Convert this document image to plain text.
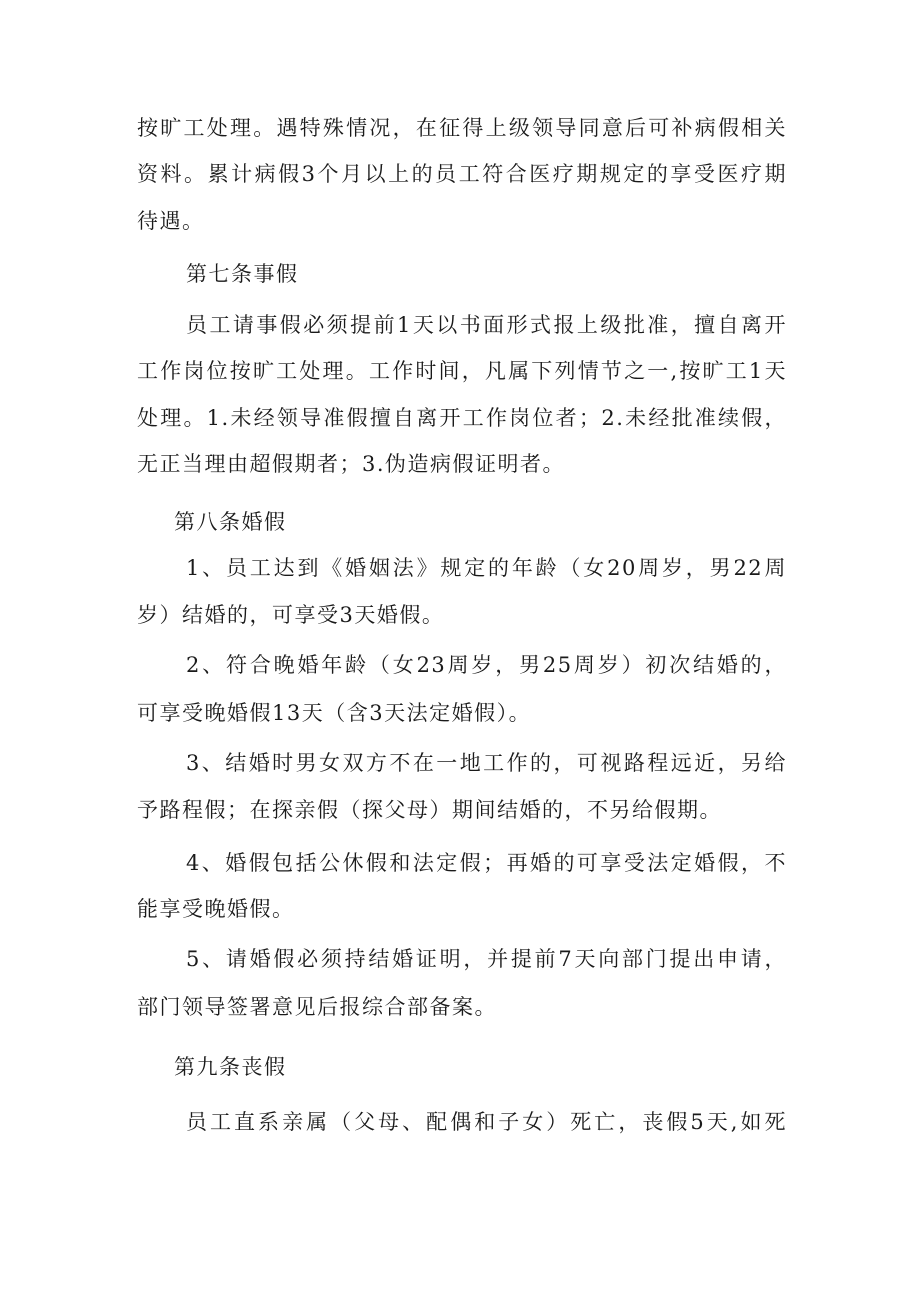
按旷工处理。遇特殊情况，在征得上级领导同意后可补病假相关
资料。累计病假3个月以上的员工符合医疗期规定的享受医疗期
待遇。
第七条事假
员工请事假必须提前1天以书面形式报上级批准，擅自离开
工作岗位按旷工处理。工作时间，凡属下列情节之一,按旷工1天
处理。1.未经领导准假擅自离开工作岗位者；2.未经批准续假，
无正当理由超假期者；3.伪造病假证明者。
第八条婚假
1、员工达到《婚姻法》规定的年龄（女20周岁，男22周
岁）结婚的，可享受3天婚假。
2、符合晚婚年龄（女23周岁，男25周岁）初次结婚的，
可享受晚婚假13天（含3天法定婚假）。
3、结婚时男女双方不在一地工作的，可视路程远近，另给
予路程假；在探亲假（探父母）期间结婚的，不另给假期。
4、婚假包括公休假和法定假；再婚的可享受法定婚假，不
能享受晚婚假。
5、请婚假必须持结婚证明，并提前7天向部门提出申请，
部门领导签署意见后报综合部备案。
第九条丧假
员工直系亲属（父母、配偶和子女）死亡，丧假5天,如死
